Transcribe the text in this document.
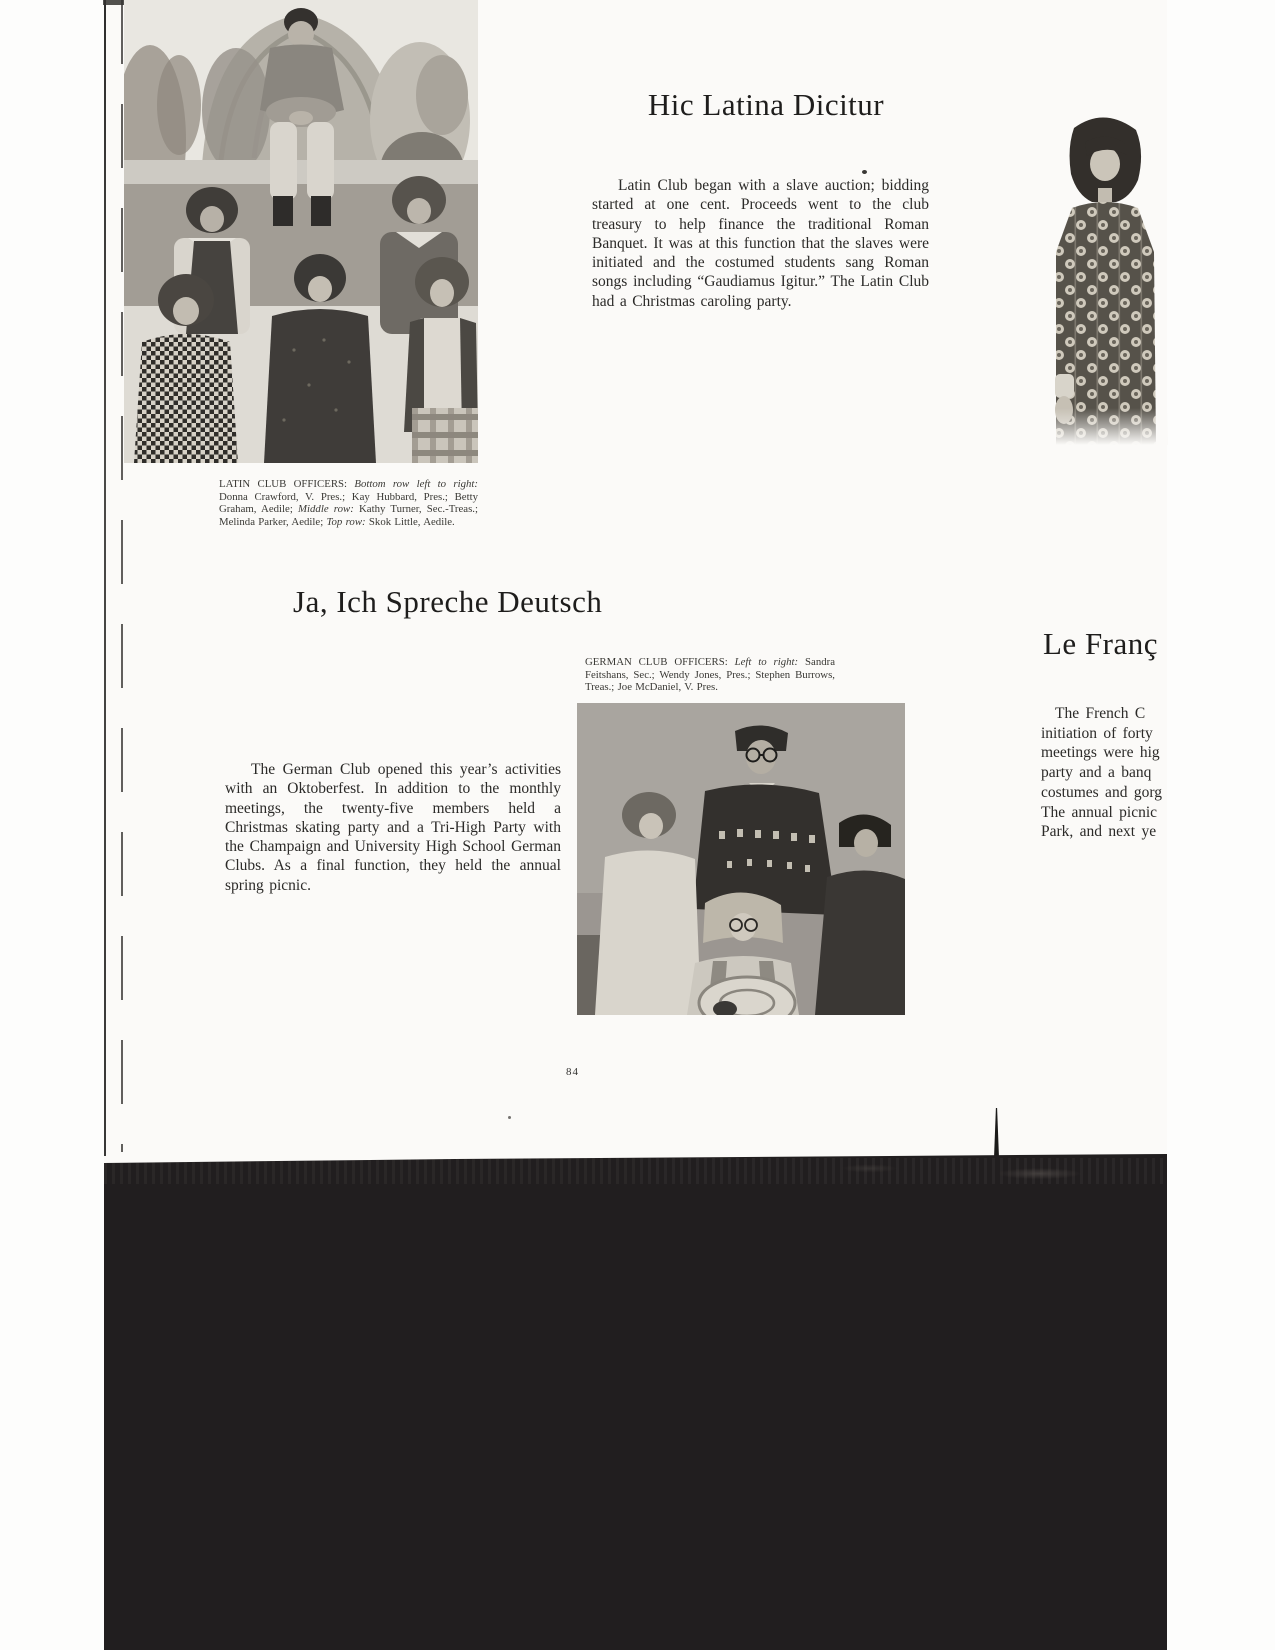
Hic Latina Dicitur

Latin Club began with a slave auction; bidding started at one cent. Proceeds went to the club treasury to help finance the traditional Roman Banquet. It was at this function that the slaves were initiated and the costumed students sang Roman songs including “Gaudiamus Igitur.” The Latin Club had a Christmas caroling party.

LATIN CLUB OFFICERS: Bottom row left to right: Donna Crawford, V. Pres.; Kay Hubbard, Pres.; Betty Graham, Aedile; Middle row: Kathy Turner, Sec.-Treas.; Melinda Parker, Aedile; Top row: Skok Little, Aedile.
Ja, Ich Spreche Deutsch
GERMAN CLUB OFFICERS: Left to right: Sandra Feitshans, Sec.; Wendy Jones, Pres.; Stephen Burrows, Treas.; Joe McDaniel, V. Pres.

The German Club opened this year’s activities with an Oktoberfest. In addition to the monthly meetings, the twenty-five members held a Christmas skating party and a Tri-High Party with the Champaign and University High School German Clubs. As a final function, they held the annual spring picnic.

Le Franç
The French C
initiation of forty
meetings were hig
party and a banq
costumes and gorg
The annual picnic
Park, and next ye
84
